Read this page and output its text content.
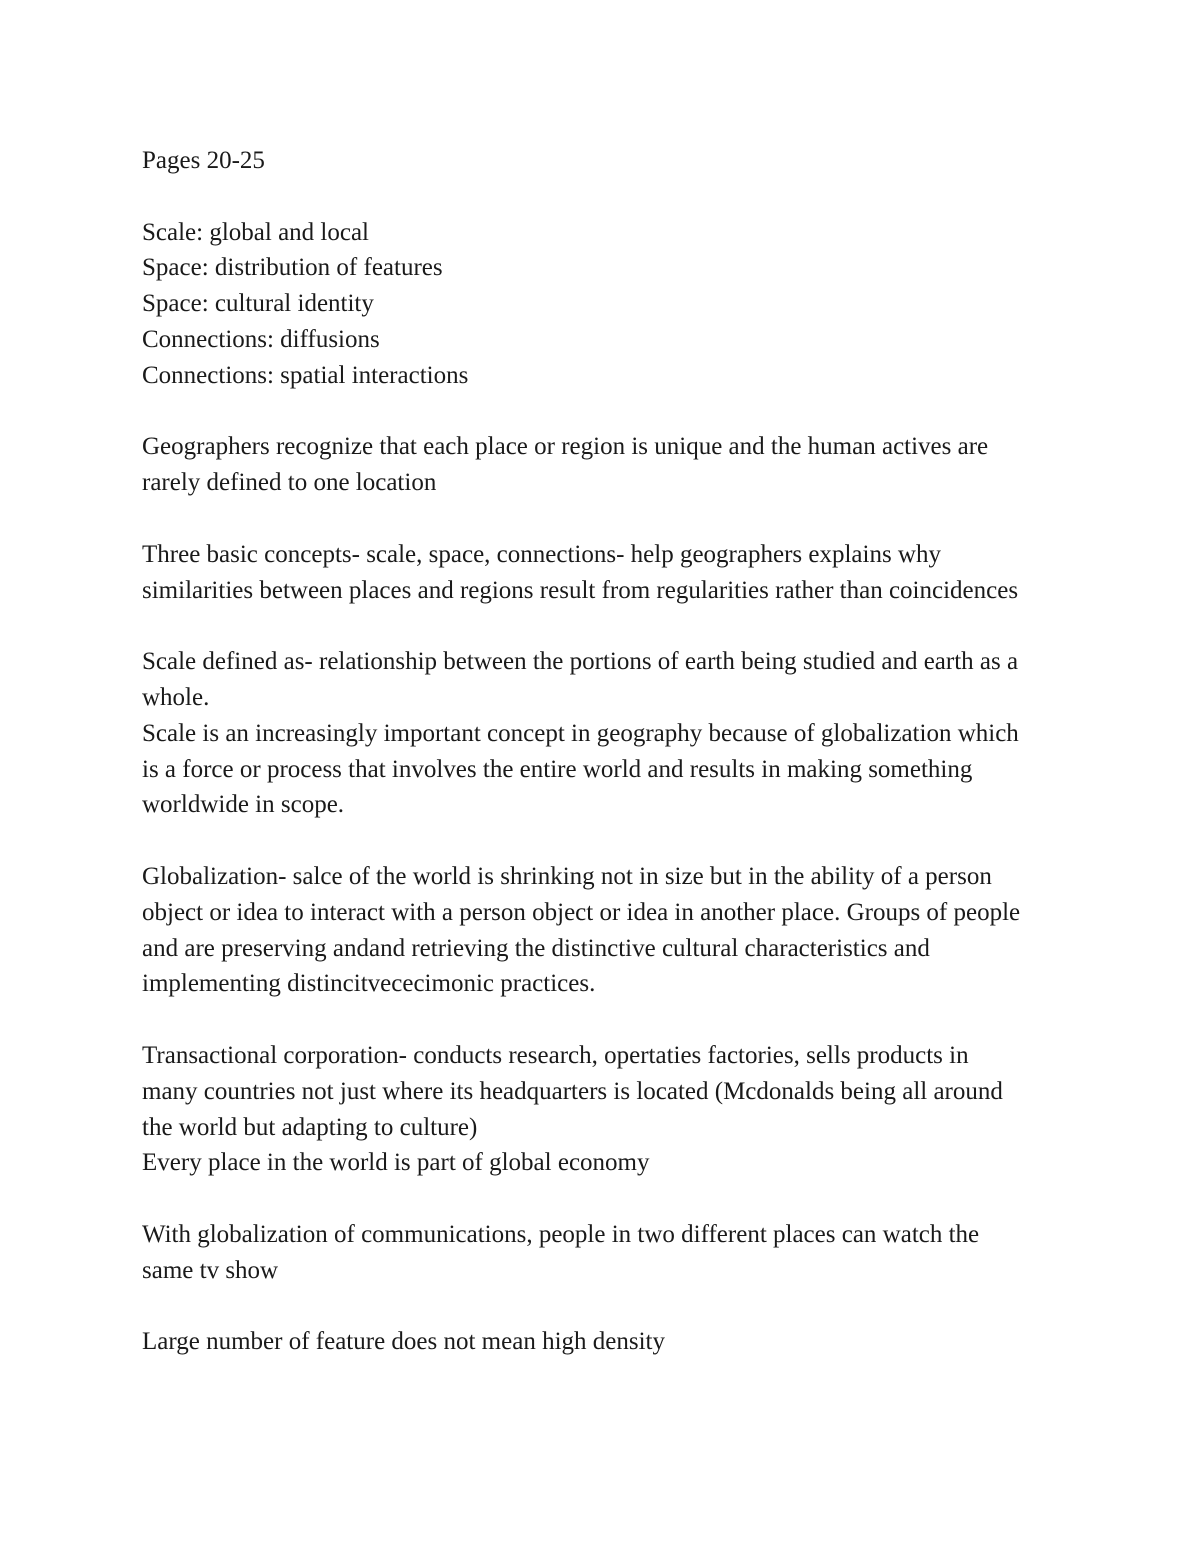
Pages 20-25
Scale: global and local
Space: distribution of features
Space: cultural identity
Connections: diffusions
Connections: spatial interactions
Geographers recognize that each place or region is unique and the human actives are
rarely defined to one location
Three basic concepts- scale, space, connections- help geographers explains why
similarities between places and regions result from regularities rather than coincidences
Scale defined as- relationship between the portions of earth being studied and earth as a
whole.
Scale is an increasingly important concept in geography because of globalization which
is a force or process that involves the entire world and results in making something
worldwide in scope.
Globalization- salce of the world is shrinking not in size but in the ability of a person
object or idea to interact with a person object or idea in another place. Groups of people
and are preserving andand retrieving the distinctive cultural characteristics and
implementing distincitvececimonic practices.
Transactional corporation- conducts research, opertaties factories, sells products in
many countries not just where its headquarters is located (Mcdonalds being all around
the world but adapting to culture)
Every place in the world is part of global economy
With globalization of communications, people in two different places can watch the
same tv show
Large number of feature does not mean high density
